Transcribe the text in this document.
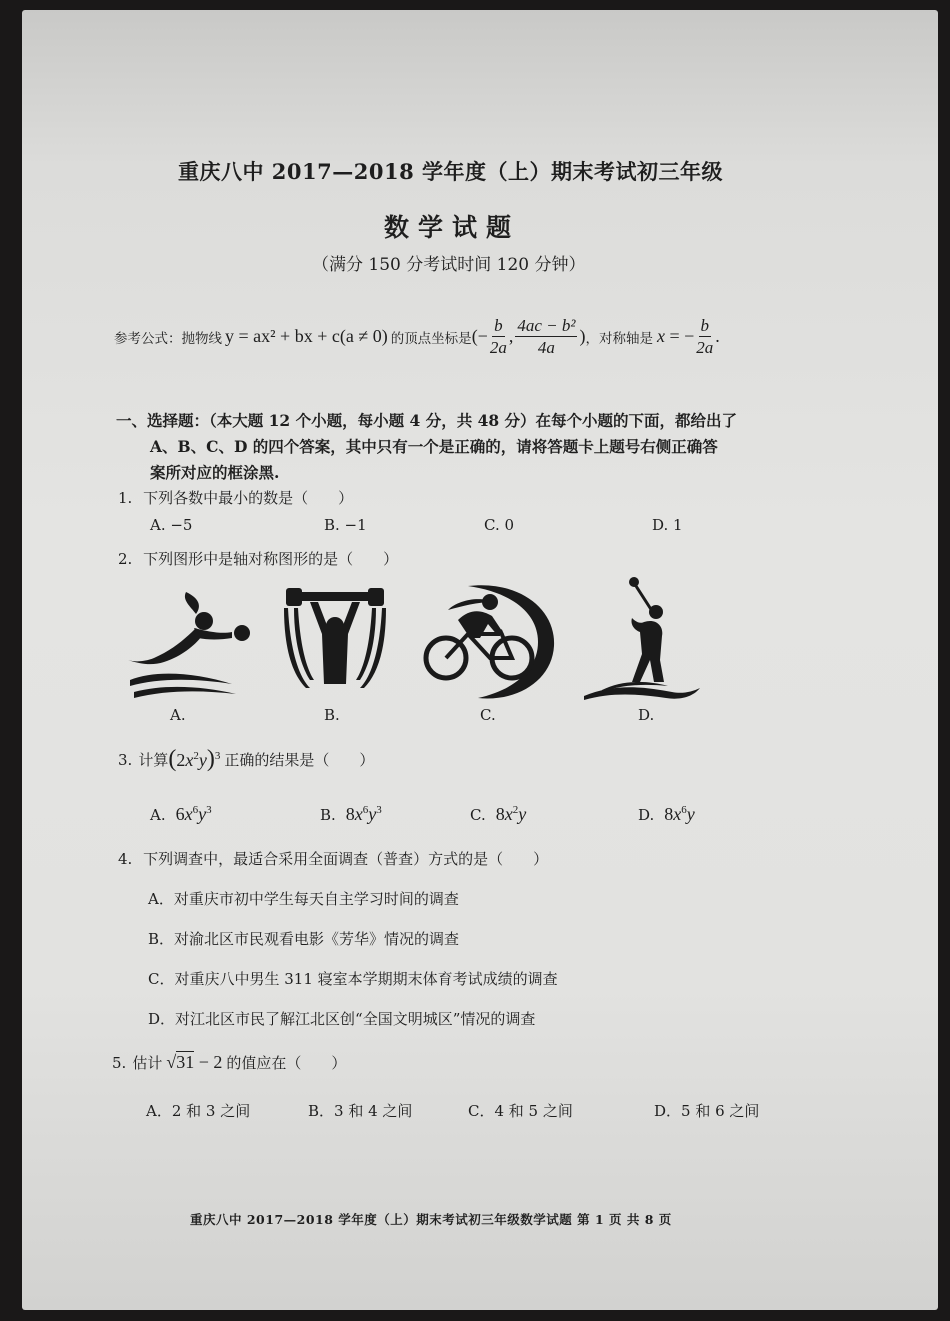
重庆八中 2017—2018 学年度（上）期末考试初三年级
数学试题
（满分 150 分考试时间 120 分钟）
参考公式：抛物线 y = ax² + bx + c(a ≠ 0) 的顶点坐标是 (− $\frac{b}{2a}$ , $\frac{\text{4ac − b²}}{4a}$ ) ，对称轴是 x = − $\frac{b}{2a}$ .
一、选择题：（本大题 12 个小题，每小题 4 分，共 48 分）在每个小题的下面，都给出了
A、B、C、D 的四个答案，其中只有一个是正确的，请将答题卡上题号右侧正确答
案所对应的框涂黑.
1. 下列各数中最小的数是（　　）
A. −5	B. −1	C. 0	D. 1
2. 下列图形中是轴对称图形的是（　　）
A.	B.	C.	D.
3. 计算 $(2x^2y)^3$ 正确的结果是（　　）
A. $6x^6y^3$	B. $8x^6y^3$	C. $8x^2y$	D. $8x^6y$
4. 下列调查中，最适合采用全面调查（普查）方式的是（　　）
A．对重庆市初中学生每天自主学习时间的调查
B．对渝北区市民观看电影《芳华》情况的调查
C．对重庆八中男生 311 寝室本学期期末体育考试成绩的调查
D．对江北区市民了解江北区创“全国文明城区”情况的调查
5. 估计 √31 − 2 的值应在（　　）
A．2 和 3 之间	B．3 和 4 之间	C．4 和 5 之间	D．5 和 6 之间
重庆八中 2017—2018 学年度（上）期末考试初三年级数学试题 第 1 页 共 8 页
